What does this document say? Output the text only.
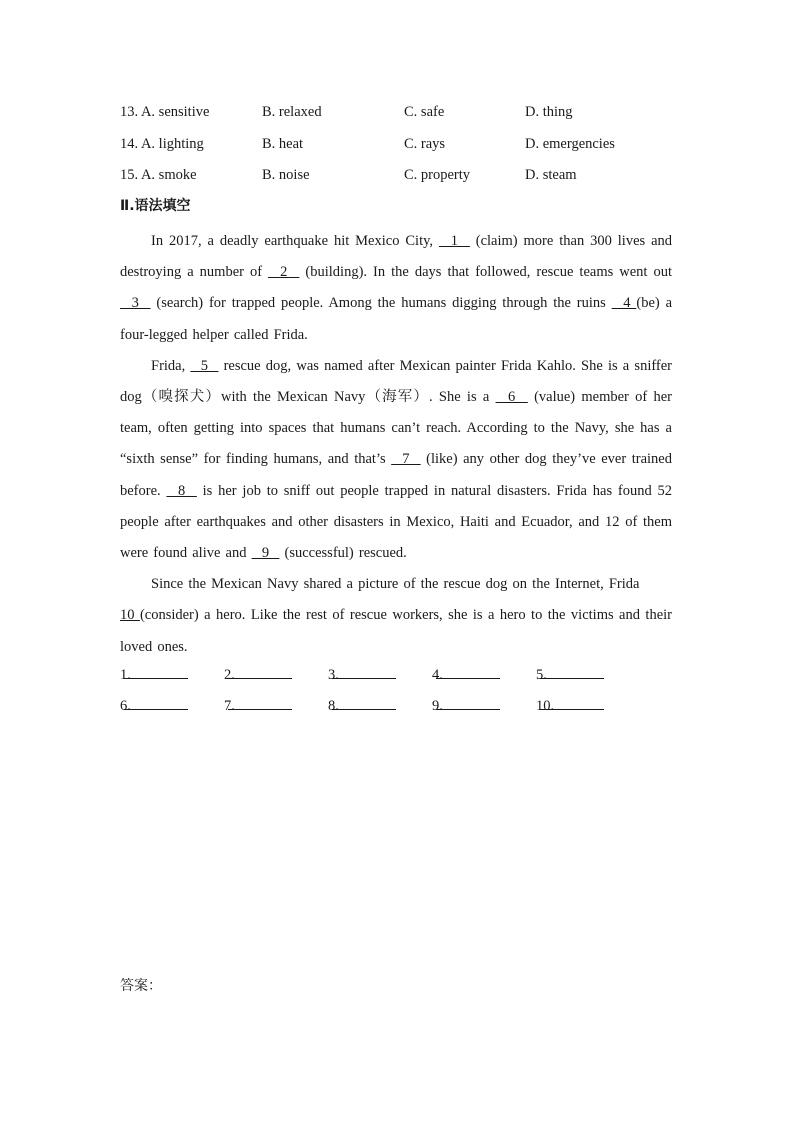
13. A. sensitive	B. relaxed	C. safe	D. thing
14. A. lighting	B. heat	C. rays	D. emergencies
15. A. smoke	B. noise	C. property	D. steam
Ⅱ.语法填空

In 2017, a deadly earthquake hit Mexico City,   1   (claim) more than 300 lives and destroying a number of   2   (building). In the days that followed, rescue teams went out   3   (search) for trapped people. Among the humans digging through the ruins   4 (be) a four-legged helper called Frida.

Frida,   5   rescue dog, was named after Mexican painter Frida Kahlo. She is a sniffer dog（嗅探犬）with the Mexican Navy（海军）. She is a   6   (value) member of her team, often getting into spaces that humans can’t reach. According to the Navy, she has a “sixth sense” for finding humans, and that’s   7   (like) any other dog they’ve ever trained before.   8   is her job to sniff out people trapped in natural disasters. Frida has found 52 people after earthquakes and other disasters in Mexico, Haiti and Ecuador, and 12 of them were found alive and   9   (successful) rescued.

Since the Mexican Navy shared a picture of the rescue dog on the Internet, Frida
10 (consider) a hero. Like the rest of rescue workers, she is a hero to the victims and their loved ones.

1.	2.	3.	4.	5.
6.	7.	8.	9.	10.
答案：
